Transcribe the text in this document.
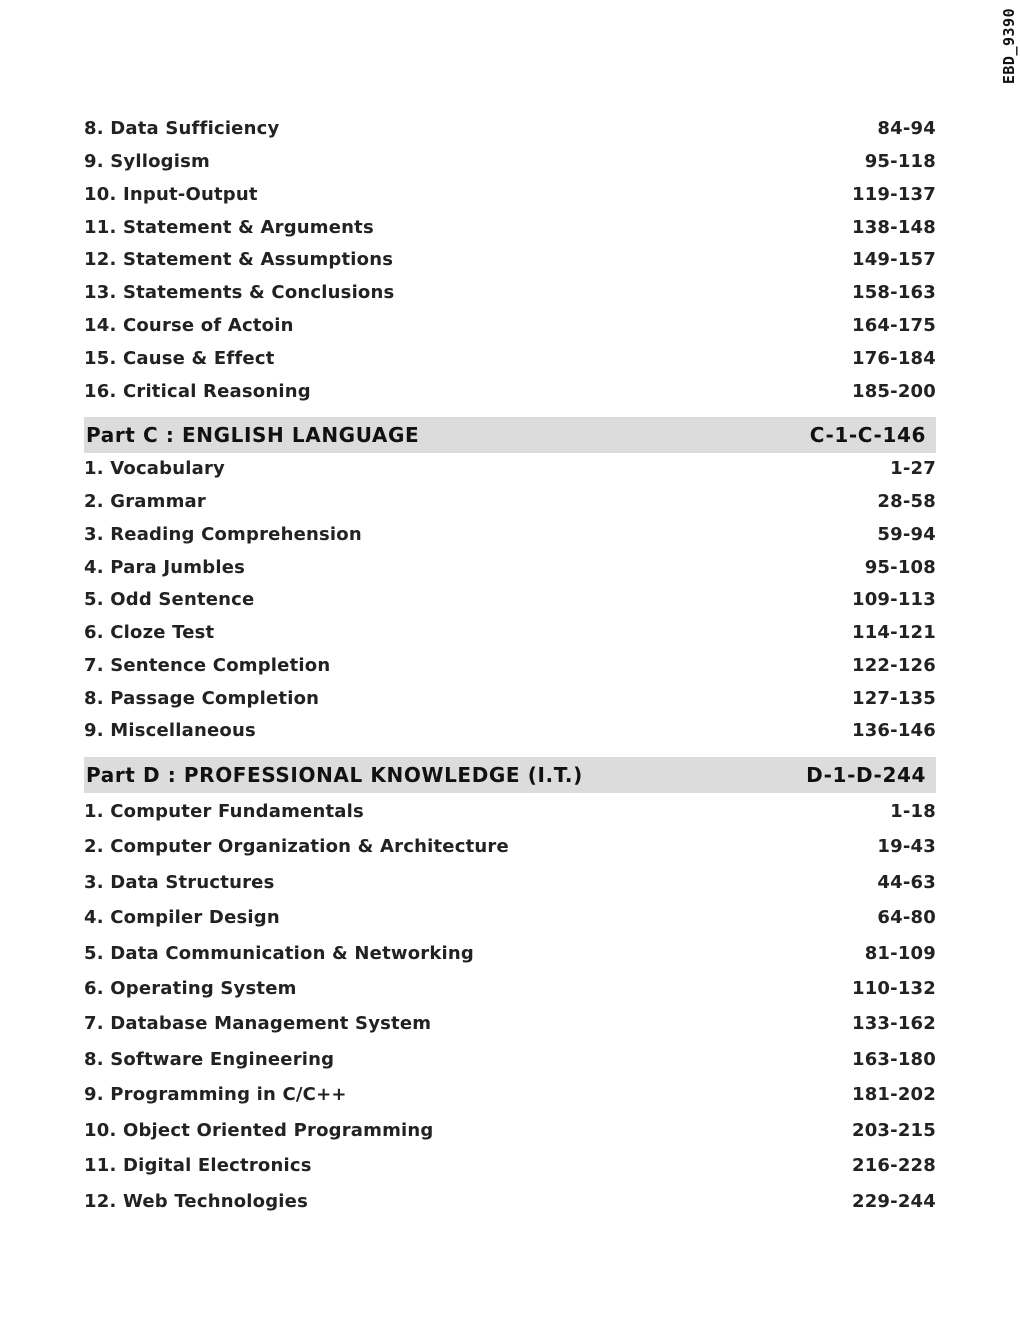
EBD_9390
8. Data Sufficiency	84-94
9. Syllogism	95-118
10. Input-Output	119-137
11. Statement & Arguments	138-148
12. Statement & Assumptions	149-157
13. Statements & Conclusions	158-163
14. Course of Actoin	164-175
15. Cause & Effect	176-184
16. Critical Reasoning	185-200
Part C : ENGLISH LANGUAGE	C-1-C-146
1. Vocabulary	1-27
2. Grammar	28-58
3. Reading Comprehension	59-94
4. Para Jumbles	95-108
5. Odd Sentence	109-113
6. Cloze Test	114-121
7. Sentence Completion	122-126
8. Passage Completion	127-135
9. Miscellaneous	136-146
Part D : PROFESSIONAL KNOWLEDGE (I.T.)	D-1-D-244
1. Computer Fundamentals	1-18
2. Computer Organization & Architecture	19-43
3. Data Structures	44-63
4. Compiler Design	64-80
5. Data Communication & Networking	81-109
6. Operating System	110-132
7. Database Management System	133-162
8. Software Engineering	163-180
9. Programming in C/C++	181-202
10. Object Oriented Programming	203-215
11. Digital Electronics	216-228
12. Web Technologies	229-244
